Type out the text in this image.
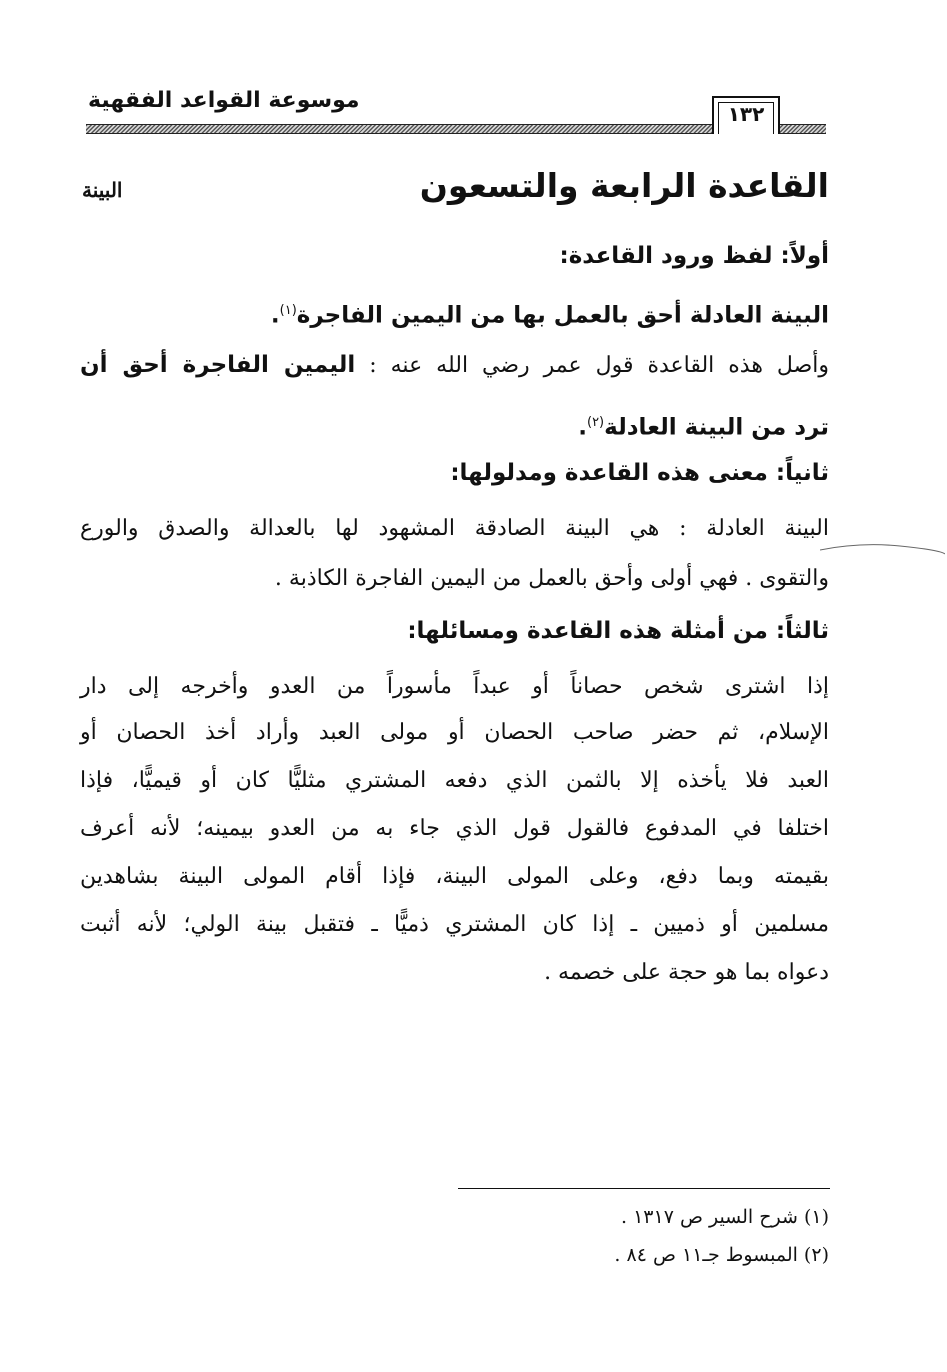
١٣٢
موسوعة القواعد الفقهية
القاعدة الرابعة والتسعون
البينة
أولاً: لفظ ورود القاعدة:
البينة العادلة أحق بالعمل بها من اليمين الفاجرة$^{(١)}$.
وأصل هذه القاعدة قول عمر رضي الله عنه : اليمين الفاجرة أحق أن
ترد من البينة العادلة$^{(٢)}$.
ثانياً: معنى هذه القاعدة ومدلولها:
البينة العادلة : هي البينة الصادقة المشهود لها بالعدالة والصدق والورع
والتقوى . فهي أولى وأحق بالعمل من اليمين الفاجرة الكاذبة .
ثالثاً: من أمثلة هذه القاعدة ومسائلها:
إذا اشترى شخص حصاناً أو عبداً مأسوراً من العدو وأخرجه إلى دار
الإسلام، ثم حضر صاحب الحصان أو مولى العبد وأراد أخذ الحصان أو
العبد فلا يأخذه إلا بالثمن الذي دفعه المشتري مثليًّا كان أو قيميًّا، فإذا
اختلفا في المدفوع فالقول قول الذي جاء به من العدو بيمينه؛ لأنه أعرف
بقيمته وبما دفع، وعلى المولى البينة، فإذا أقام المولى البينة بشاهدين
مسلمين أو ذميين ـ إذا كان المشتري ذميًّا ـ فتقبل بينة الولي؛ لأنه أثبت
دعواه بما هو حجة على خصمه .
(١) شرح السير ص ١٣١٧ .
(٢) المبسوط جـ١١ ص ٨٤ .
